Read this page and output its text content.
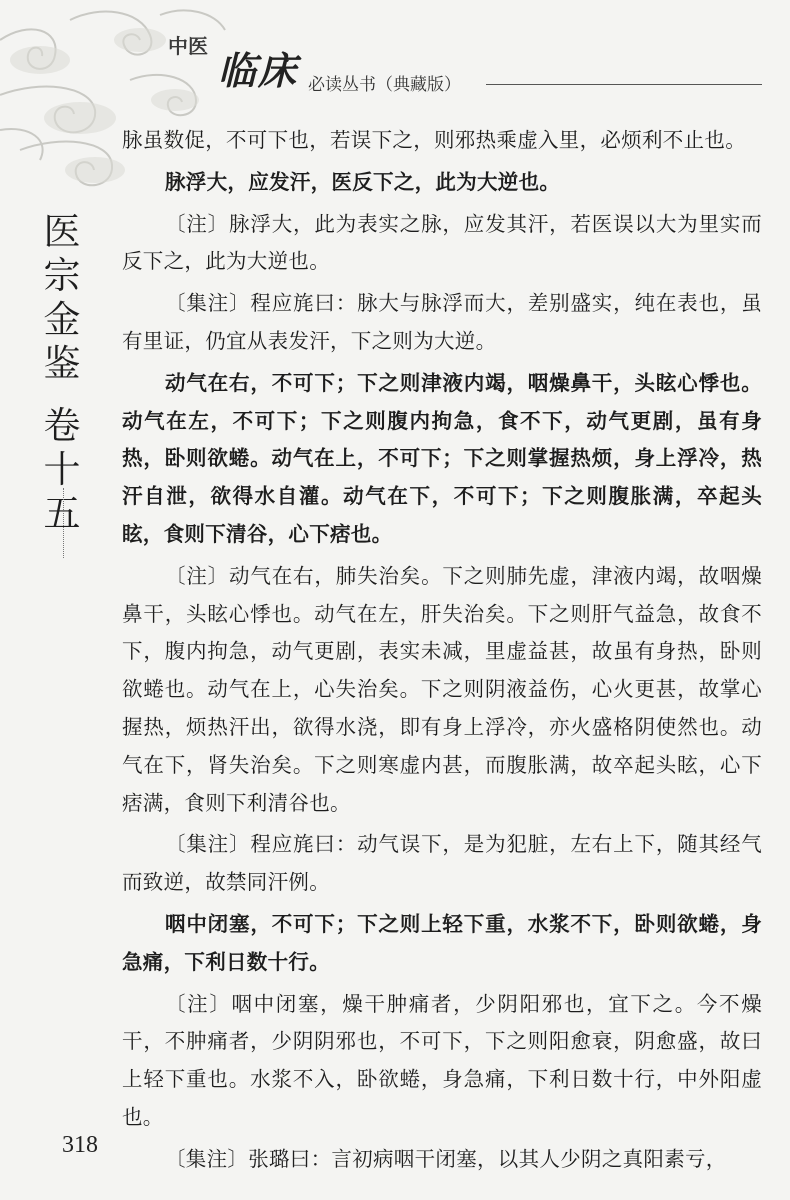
中医
临床 必读丛书（典藏版）
医
宗
金
鉴
卷
十
五

脉虽数促，不可下也，若误下之，则邪热乘虚入里，必烦利不止也。

脉浮大，应发汗，医反下之，此为大逆也。

〔注〕脉浮大，此为表实之脉，应发其汗，若医误以大为里实而反下之，此为大逆也。

〔集注〕程应旄曰：脉大与脉浮而大，差别盛实，纯在表也，虽有里证，仍宜从表发汗，下之则为大逆。

动气在右，不可下；下之则津液内竭，咽燥鼻干，头眩心悸也。动气在左，不可下；下之则腹内拘急，食不下，动气更剧，虽有身热，卧则欲蜷。动气在上，不可下；下之则掌握热烦，身上浮冷，热汗自泄，欲得水自灌。动气在下，不可下；下之则腹胀满，卒起头眩，食则下清谷，心下痞也。

〔注〕动气在右，肺失治矣。下之则肺先虚，津液内竭，故咽燥鼻干，头眩心悸也。动气在左，肝失治矣。下之则肝气益急，故食不下，腹内拘急，动气更剧，表实未减，里虚益甚，故虽有身热，卧则欲蜷也。动气在上，心失治矣。下之则阴液益伤，心火更甚，故掌心握热，烦热汗出，欲得水浇，即有身上浮冷，亦火盛格阴使然也。动气在下，肾失治矣。下之则寒虚内甚，而腹胀满，故卒起头眩，心下痞满，食则下利清谷也。

〔集注〕程应旄曰：动气误下，是为犯脏，左右上下，随其经气而致逆，故禁同汗例。

咽中闭塞，不可下；下之则上轻下重，水浆不下，卧则欲蜷，身急痛，下利日数十行。

〔注〕咽中闭塞，燥干肿痛者，少阴阳邪也，宜下之。今不燥干，不肿痛者，少阴阴邪也，不可下，下之则阳愈衰，阴愈盛，故曰上轻下重也。水浆不入，卧欲蜷，身急痛，下利日数十行，中外阳虚也。

〔集注〕张璐曰：言初病咽干闭塞，以其人少阴之真阳素亏，

318
